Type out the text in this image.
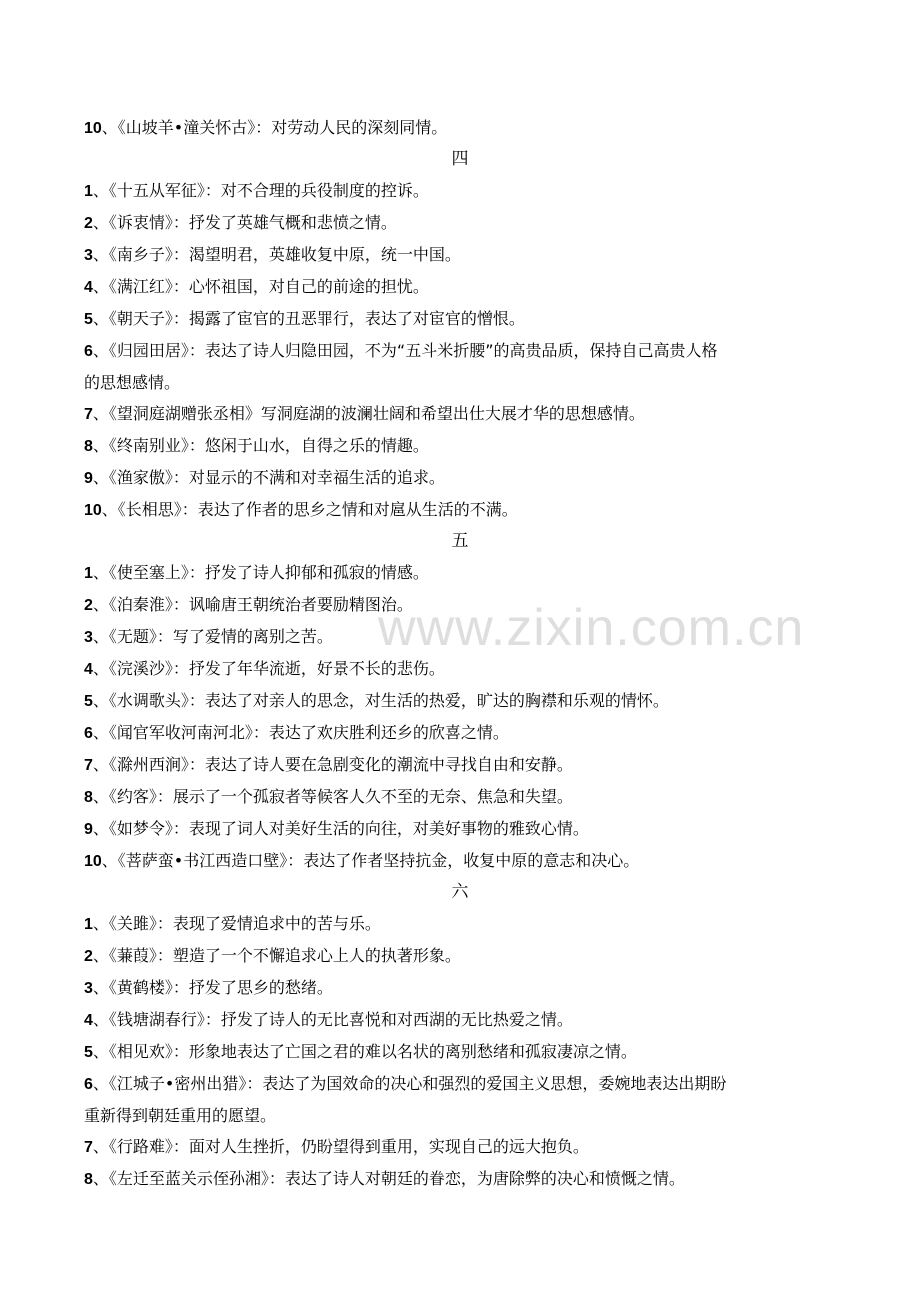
10、《山坡羊•潼关怀古》：对劳动人民的深刻同情。
四
1、《十五从军征》：对不合理的兵役制度的控诉。
2、《诉衷情》：抒发了英雄气概和悲愤之情。
3、《南乡子》：渴望明君，英雄收复中原，统一中国。
4、《满江红》：心怀祖国，对自己的前途的担忧。
5、《朝天子》：揭露了宦官的丑恶罪行，表达了对宦官的憎恨。
6、《归园田居》：表达了诗人归隐田园，不为“五斗米折腰”的高贵品质，保持自己高贵人格
的思想感情。
7、《望洞庭湖赠张丞相》写洞庭湖的波澜壮阔和希望出仕大展才华的思想感情。
8、《终南别业》：悠闲于山水，自得之乐的情趣。
9、《渔家傲》：对显示的不满和对幸福生活的追求。
10、《长相思》：表达了作者的思乡之情和对扈从生活的不满。
五
1、《使至塞上》：抒发了诗人抑郁和孤寂的情感。
2、《泊秦淮》：讽喻唐王朝统治者要励精图治。
3、《无题》：写了爱情的离别之苦。
4、《浣溪沙》：抒发了年华流逝，好景不长的悲伤。
5、《水调歌头》：表达了对亲人的思念，对生活的热爱，旷达的胸襟和乐观的情怀。
6、《闻官军收河南河北》：表达了欢庆胜利还乡的欣喜之情。
7、《滁州西涧》：表达了诗人要在急剧变化的潮流中寻找自由和安静。
8、《约客》：展示了一个孤寂者等候客人久不至的无奈、焦急和失望。
9、《如梦令》：表现了词人对美好生活的向往，对美好事物的雅致心情。
10、《菩萨蛮•书江西造口壁》：表达了作者坚持抗金，收复中原的意志和决心。
六
1、《关雎》：表现了爱情追求中的苦与乐。
2、《蒹葭》：塑造了一个不懈追求心上人的执著形象。
3、《黄鹤楼》：抒发了思乡的愁绪。
4、《钱塘湖春行》：抒发了诗人的无比喜悦和对西湖的无比热爱之情。
5、《相见欢》：形象地表达了亡国之君的难以名状的离别愁绪和孤寂凄凉之情。
6、《江城子•密州出猎》：表达了为国效命的决心和强烈的爱国主义思想，委婉地表达出期盼
重新得到朝廷重用的愿望。
7、《行路难》：面对人生挫折，仍盼望得到重用，实现自己的远大抱负。
8、《左迁至蓝关示侄孙湘》：表达了诗人对朝廷的眷恋，为唐除弊的决心和愤慨之情。
www.zixin.com.cn
